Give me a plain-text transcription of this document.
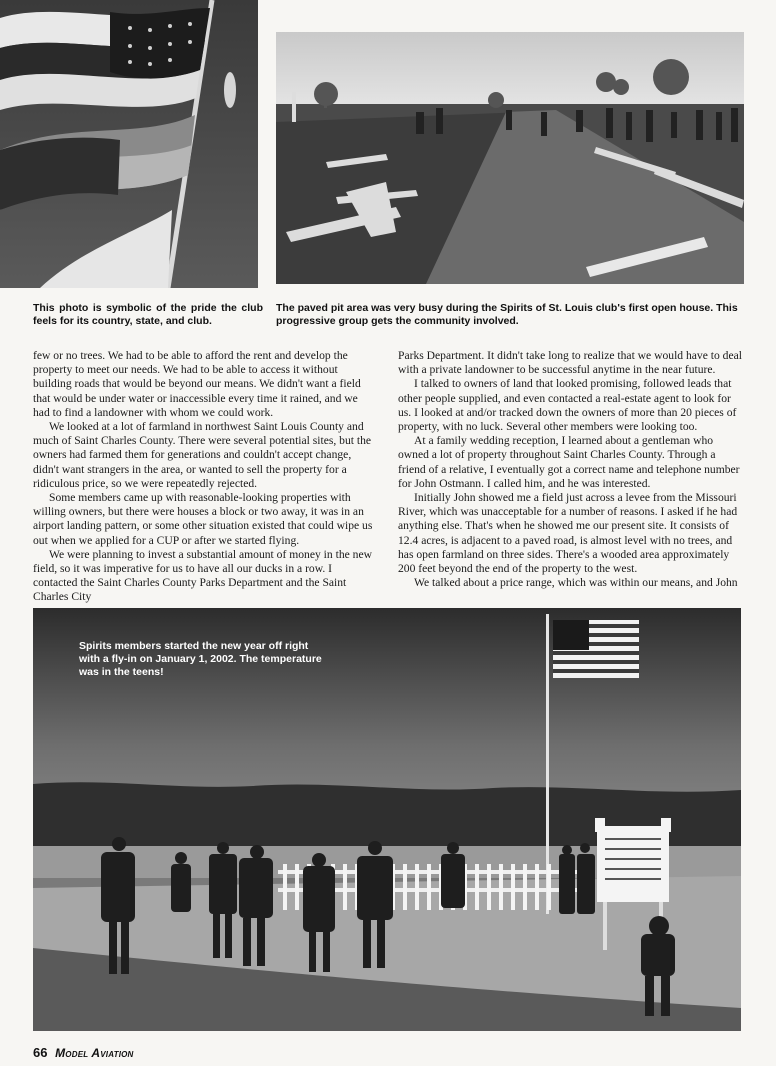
This photo is symbolic of the pride the club feels for its country, state, and club.
The paved pit area was very busy during the Spirits of St. Louis club's first open house. This progressive group gets the community involved.

few or no trees. We had to be able to afford the rent and develop the property to meet our needs. We had to be able to access it without building roads that would be beyond our means. We didn't want a field that would be under water or inaccessible every time it rained, and we had to find a landowner with whom we could work.

We looked at a lot of farmland in northwest Saint Louis County and much of Saint Charles County. There were several potential sites, but the owners had farmed them for generations and couldn't accept change, didn't want strangers in the area, or wanted to sell the property for a ridiculous price, so we were repeatedly rejected.

Some members came up with reasonable-looking properties with willing owners, but there were houses a block or two away, it was in an airport landing pattern, or some other situation existed that could wipe us out when we applied for a CUP or after we started flying.

We were planning to invest a substantial amount of money in the new field, so it was imperative for us to have all our ducks in a row. I contacted the Saint Charles County Parks Department and the Saint Charles City

Parks Department. It didn't take long to realize that we would have to deal with a private landowner to be successful anytime in the near future.

I talked to owners of land that looked promising, followed leads that other people supplied, and even contacted a real-estate agent to look for us. I looked at and/or tracked down the owners of more than 20 pieces of property, with no luck. Several other members were looking too.

At a family wedding reception, I learned about a gentleman who owned a lot of property throughout Saint Charles County. Through a friend of a relative, I eventually got a correct name and telephone number for John Ostmann. I called him, and he was interested.

Initially John showed me a field just across a levee from the Missouri River, which was unacceptable for a number of reasons. I asked if he had anything else. That's when he showed me our present site. It consists of 12.4 acres, is adjacent to a paved road, is almost level with no trees, and has open farmland on three sides. There's a wooded area approximately 200 feet beyond the end of the property to the west.

We talked about a price range, which was within our means, and John

Spirits members started the new year off right with a fly-in on January 1, 2002. The temperature was in the teens!
66 Model Aviation
